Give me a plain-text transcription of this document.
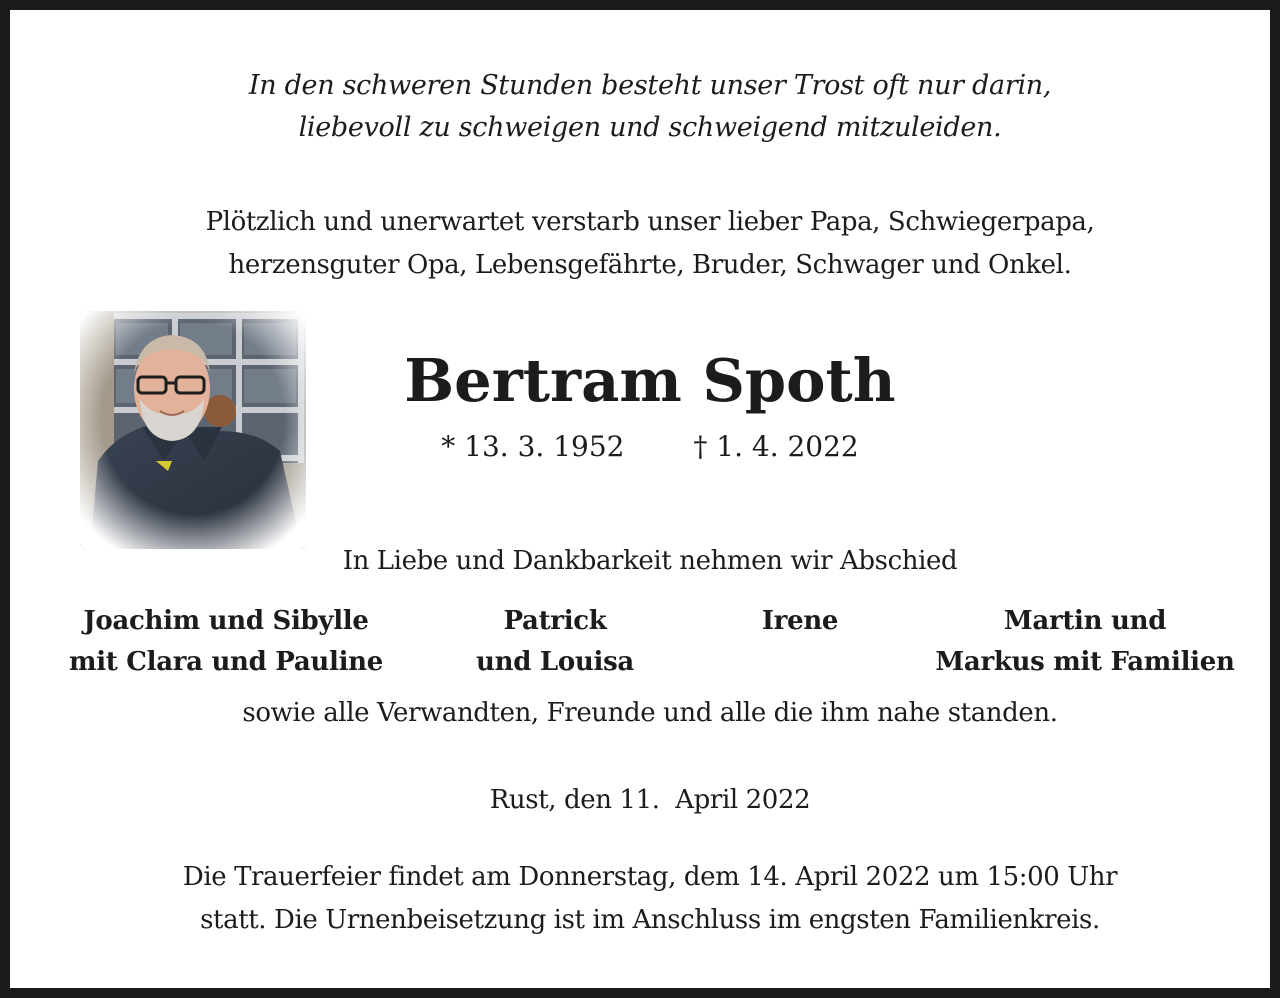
In den schweren Stunden besteht unser Trost oft nur darin,
liebevoll zu schweigen und schweigend mitzuleiden.
Plötzlich und unerwartet verstarb unser lieber Papa, Schwiegerpapa,
herzensguter Opa, Lebensgefährte, Bruder, Schwager und Onkel.
Bertram Spoth
* 13. 3. 1952 † 1. 4. 2022
In Liebe und Dankbarkeit nehmen wir Abschied
Joachim und Sibylle
mit Clara und Pauline
Patrick
und Louisa
Irene	Martin und
Markus mit Familien
sowie alle Verwandten, Freunde und alle die ihm nahe standen.
Rust, den 11.  April 2022
Die Trauerfeier findet am Donnerstag, dem 14. April 2022 um 15:00 Uhr
statt. Die Urnenbeisetzung ist im Anschluss im engsten Familienkreis.
